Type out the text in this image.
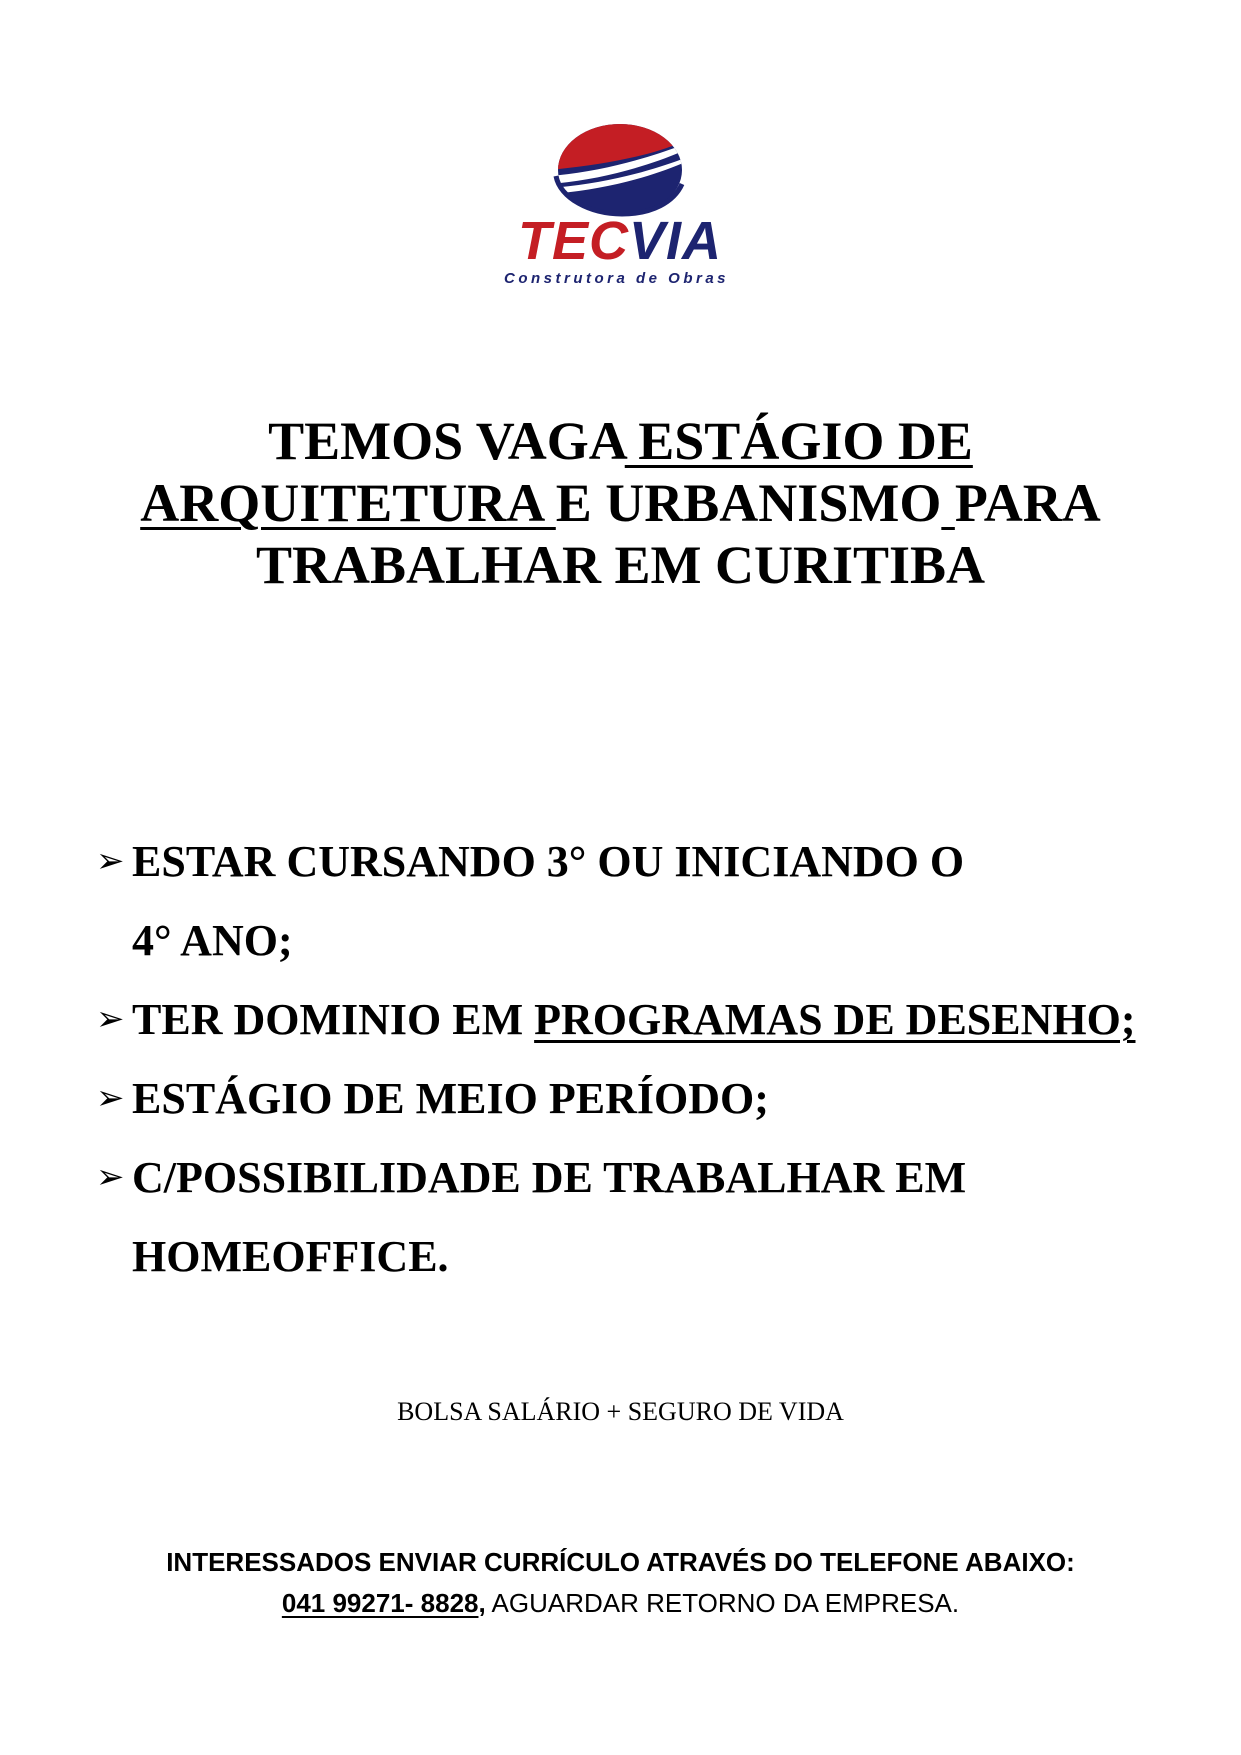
TECVIA
Construtora de Obras
TEMOS VAGA ESTÁGIO DE ARQUITETURA E URBANISMO PARA TRABALHAR EM CURITIBA
➢ ESTAR CURSANDO 3° OU INICIANDO O 4° ANO;
➢ TER DOMINIO EM PROGRAMAS DE DESENHO;
➢ ESTÁGIO DE MEIO PERÍODO;
➢ C/POSSIBILIDADE DE TRABALHAR EM HOMEOFFICE.
BOLSA SALÁRIO + SEGURO DE VIDA
INTERESSADOS ENVIAR CURRÍCULO ATRAVÉS DO TELEFONE ABAIXO:
041 99271- 8828, AGUARDAR RETORNO DA EMPRESA.
